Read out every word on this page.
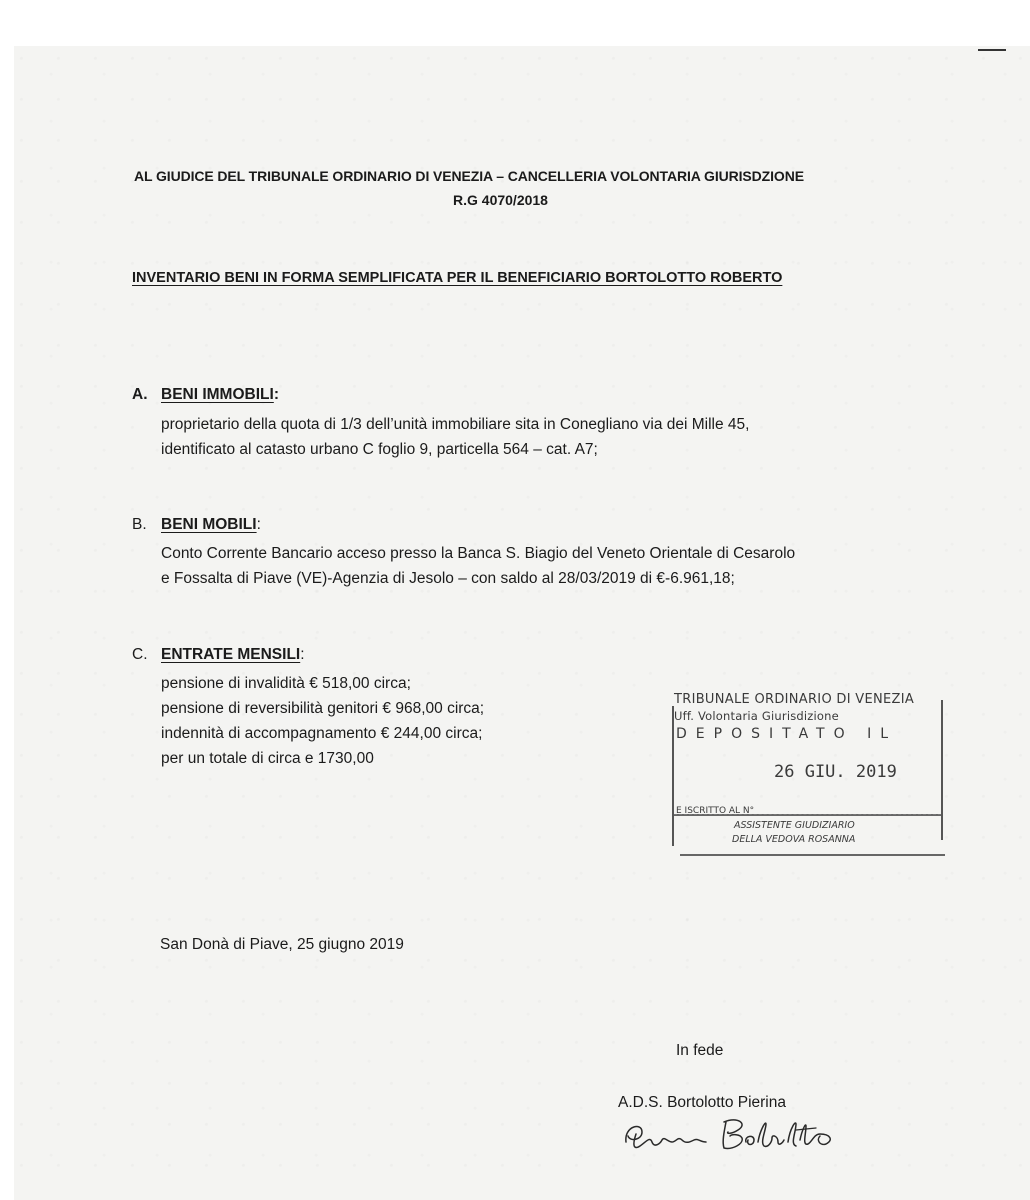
AL GIUDICE DEL TRIBUNALE ORDINARIO DI VENEZIA – CANCELLERIA VOLONTARIA GIURISDZIONE
R.G 4070/2018
INVENTARIO BENI IN FORMA SEMPLIFICATA PER IL BENEFICIARIO BORTOLOTTO ROBERTO
A. BENI IMMOBILI:
proprietario della quota di 1/3 dell’unità immobiliare sita in Conegliano via dei Mille 45,
identificato al catasto urbano C foglio 9, particella 564 – cat. A7;
B. BENI MOBILI:
Conto Corrente Bancario acceso presso la Banca S. Biagio del Veneto Orientale di Cesarolo
e Fossalta di Piave (VE)-Agenzia di Jesolo – con saldo al 28/03/2019 di €-6.961,18;
C. ENTRATE MENSILI:
pensione di invalidità € 518,00 circa;
pensione di reversibilità genitori € 968,00 circa;
indennità di accompagnamento € 244,00 circa;
per un totale di circa e 1730,00
TRIBUNALE ORDINARIO DI VENEZIA
Uff. Volontaria Giurisdizione
DEPOSITATO IL
26 GIU. 2019
E ISCRITTO AL N°
ASSISTENTE GIUDIZIARIO
DELLA VEDOVA ROSANNA
San Donà di Piave, 25 giugno 2019
In fede
A.D.S. Bortolotto Pierina
